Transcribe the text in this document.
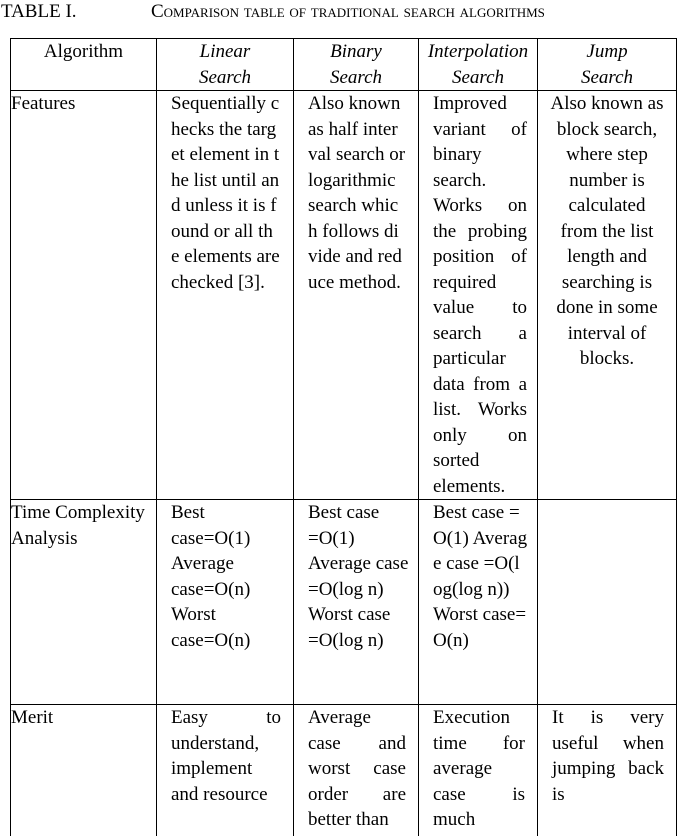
TABLE I.	Comparison table of traditional search algorithms
Algorithm	Linear Search	Binary Search	Interpolation Search	Jump Search

Features	Sequentially checks the target element in the list until and unless it is found or all the elements are checked [3].	Also known as half interval search or logarithmic search which follows divide and reduce method.	Improved variant of binary search. Works on the probing position of required value to search a particular data from a list. Works only on sorted elements.	Also known as block search, where step number is calculated from the list length and searching is done in some interval of blocks.

Time Complexity Analysis	Best case=O(1) Average case=O(n) Worst case=O(n)	Best case =O(1) Average case =O(log n) Worst case =O(log n)	Best case =O(1) Average case =O(log(log n)) Worst case=O(n)	

Merit	Easy to understand, implement and resource	Average case and worst case order are better than	Execution time for average case is much	It is very useful when jumping back is
